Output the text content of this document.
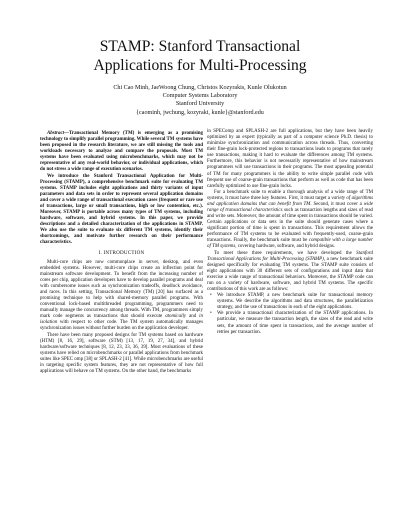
STAMP: Stanford Transactional
Applications for Multi-Processing
Chi Cao Minh, JaeWoong Chung, Christos Kozyrakis, Kunle Olukotun
Computer Systems Laboratory
Stanford University
{caominh, jwchung, kozyraki, kunle}@stanford.edu

Abstract—Transactional Memory (TM) is emerging as a promising technology to simplify parallel programming. While several TM systems have been proposed in the research literature, we are still missing the tools and workloads necessary to analyze and compare the proposals. Most TM systems have been evaluated using microbenchmarks, which may not be representative of any real-world behavior, or individual applications, which do not stress a wide range of execution scenarios.

We introduce the Stanford Transactional Application for Multi-Processing (STAMP), a comprehensive benchmark suite for evaluating TM systems. STAMP includes eight applications and thirty variants of input parameters and data sets in order to represent several application domains and cover a wide range of transactional execution cases (frequent or rare use of transactions, large or small transactions, high or low contention, etc.). Moreover, STAMP is portable across many types of TM systems, including hardware, software, and hybrid systems. In this paper, we provide descriptions and a detailed characterization of the applications in STAMP. We also use the suite to evaluate six different TM systems, identify their shortcomings, and motivate further research on their performance characteristics.

I. INTRODUCTION

Multi-core chips are now commonplace in server, desktop, and even embedded systems. However, multi-core chips create an inflection point for mainstream software development. To benefit from the increasing number of cores per chip, application developers have to develop parallel programs and deal with cumbersome issues such as synchronization tradeoffs, deadlock avoidance, and races. In this setting, Transactional Memory (TM) [20] has surfaced as a promising technique to help with shared-memory parallel programs. With conventional lock-based multithreaded programming, programmers need to manually manage the concurrency among threads. With TM, programmers simply mark code segments as transactions that should execute atomically and in isolation with respect to other code. The TM system automatically manages synchronization issues without further burden on the application developer.

There have been many proposed designs for TM systems based on hardware (HTM) [8, 16, 29], software (STM) [13, 17, 19, 27, 34], and hybrid hardware/software techniques [8, 12, 23, 33, 36, 39]. Most evaluations of these systems have relied on microbenchmarks or parallel applications from benchmark suites like SPEC omp [38] or SPLASH-2 [41]. While microbenchmarks are useful in targeting specific system features, they are not representative of how full applications will behave on TM systems. On the other hand, the benchmarks

in SPEComp and SPLASH-2 are full applications, but they have been heavily optimized by an expert (typically as part of a computer science Ph.D. thesis) to minimize synchronization and communication across threads. Thus, converting their fine-grain lock-protected regions to transactions leads to programs that rarely use transactions, making it hard to evaluate the differences among TM systems. Furthermore, this behavior is not necessarily representative of how mainstream programmers will use transactions in their programs. The most appealing potential of TM for many programmers is the ability to write simple parallel code with frequent use of coarse-grain transactions that perform as well as code that has been carefully optimized to use fine-grain locks.

For a benchmark suite to enable a thorough analysis of a wide range of TM systems, it must have three key features. First, it must target a variety of algorithms and application domains that can benefit from TM. Second, it must cover a wide range of transactional characteristics such as transaction lengths and sizes of read and write sets. Moreover, the amount of time spent in transactions should be varied. Certain applications or data sets in the suite should generate cases where a significant portion of time is spent in transactions. This requirement allows the performance of TM systems to be evaluated with frequently-used, coarse-grain transactions. Finally, the benchmark suite must be compatible with a large number of TM systems, covering hardware, software, and hybrid designs.

To meet these three requirements, we have developed the Stanford Transactional Applications for Multi-Processing (STAMP), a new benchmark suite designed specifically for evaluating TM systems. The STAMP suite consists of eight applications with 30 different sets of configurations and input data that exercise a wide range of transactional behaviors. Moreover, the STAMP code can run on a variety of hardware, software, and hybrid TM systems. The specific contributions of this work are as follows:

• We introduce STAMP, a new benchmark suite for transactional memory systems. We describe the algorithms and data structures, the parallelization strategy, and the use of transactions in each of the eight applications.
• We provide a transactional characterization of the STAMP applications. In particular, we measure the transaction length, the sizes of the read and write sets, the amount of time spent in transactions, and the average number of retries per transaction.
